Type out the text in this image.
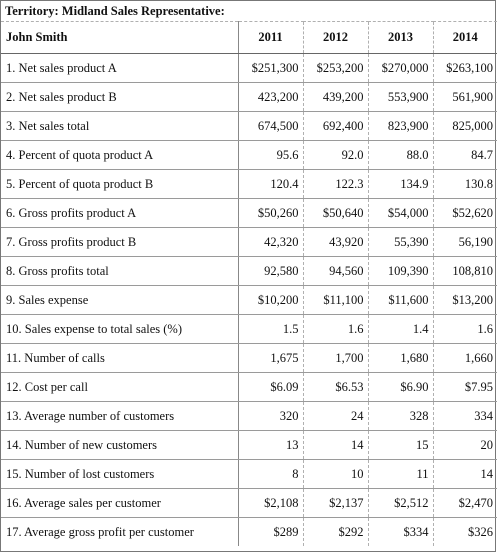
Territory: Midland Sales Representative:				
John Smith	2011	2012	2013	2014
1. Net sales product A	$251,300	$253,200	$270,000	$263,100
2. Net sales product B	423,200	439,200	553,900	561,900
3. Net sales total	674,500	692,400	823,900	825,000
4. Percent of quota product A	95.6	92.0	88.0	84.7
5. Percent of quota product B	120.4	122.3	134.9	130.8
6. Gross profits product A	$50,260	$50,640	$54,000	$52,620
7. Gross profits product B	42,320	43,920	55,390	56,190
8. Gross profits total	92,580	94,560	109,390	108,810
9. Sales expense	$10,200	$11,100	$11,600	$13,200
10. Sales expense to total sales (%)	1.5	1.6	1.4	1.6
11. Number of calls	1,675	1,700	1,680	1,660
12. Cost per call	$6.09	$6.53	$6.90	$7.95
13. Average number of customers	320	24	328	334
14. Number of new customers	13	14	15	20
15. Number of lost customers	8	10	11	14
16. Average sales per customer	$2,108	$2,137	$2,512	$2,470
17. Average gross profit per customer	$289	$292	$334	$326
